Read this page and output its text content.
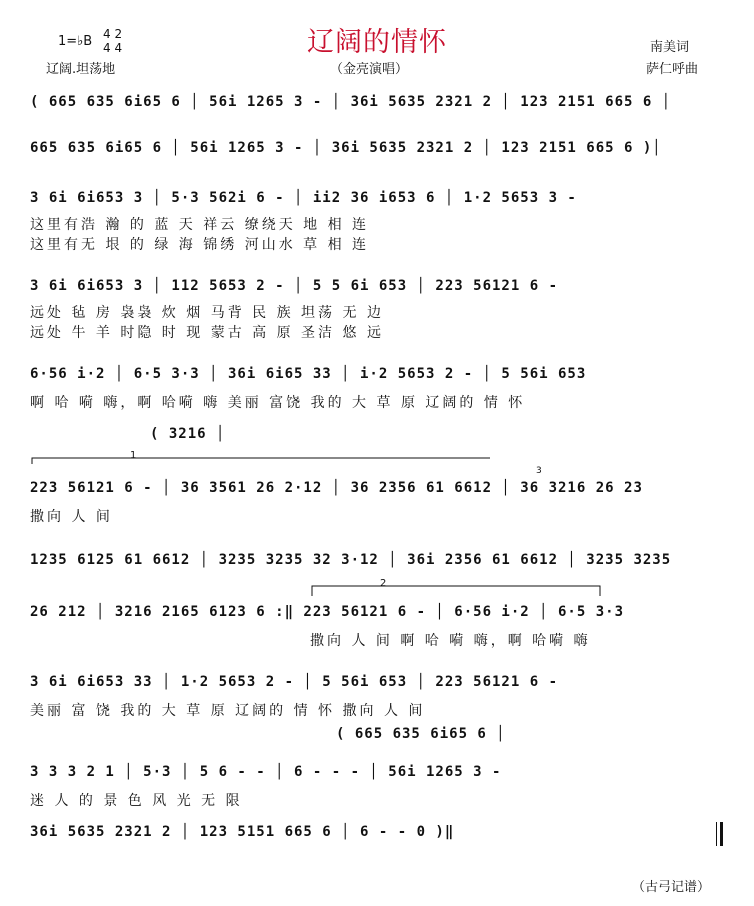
1=♭B 4 2
4 4	辽阔的情怀	南美词
辽阔.坦荡地	（金亮演唱）	萨仁呼曲
( 665 635 6i65 6 │ 56i 1265 3 - │ 36i 5635 2321 2 │ 123 2151 665 6 │
665 635 6i65 6 │ 56i 1265 3 - │ 36i 5635 2321 2 │ 123 2151 665 6 )│
3 6i 6i653 3 │ 5·3 562i 6 - │ ii2 36 i653 6 │ 1·2 5653 3 -
这里有浩 瀚 的 蓝 天 祥云 缭绕天 地 相 连
这里有无 垠 的 绿 海 锦绣 河山水 草 相 连
3 6i 6i653 3 │ 112 5653 2 - │ 5 5 6i 653 │ 223 56121 6 -
远处 毡 房 袅袅 炊 烟 马背 民 族 坦荡 无 边
远处 牛 羊 时隐 时 现 蒙古 高 原 圣洁 悠 远
6·56 i·2 │ 6·5 3·3 │ 36i 6i65 33 │ i·2 5653 2 - │ 5 56i 653
啊 哈 嗬 嗨，啊 哈嗬 嗨 美丽 富饶 我的 大 草 原 辽阔的 情 怀
( 3216 │
223 56121 6 - │ 36 3561 26 2·12 │ 36 2356 61 6612 │ 36 3216 26 23
撒向 人 间
1235 6125 61 6612 │ 3235 3235 32 3·12 │ 36i 2356 61 6612 │ 3235 3235
26 212 │ 3216 2165 6123 6 :‖ 223 56121 6 - │ 6·56 i·2 │ 6·5 3·3
撒向 人 间 啊 哈 嗬 嗨，啊 哈嗬 嗨
3 6i 6i653 33 │ 1·2 5653 2 - │ 5 56i 653 │ 223 56121 6 -
美丽 富 饶 我的 大 草 原 辽阔的 情 怀 撒向 人 间
( 665 635 6i65 6 │
3 3 3 2 1 │ 5·3 │ 5 6 - - │ 6 - - - │ 56i 1265 3 -
迷 人 的 景 色 风 光 无 限
36i 5635 2321 2 │ 123 5151 665 6 │ 6 - - 0 )‖
1
2
3
（古弓记谱）
